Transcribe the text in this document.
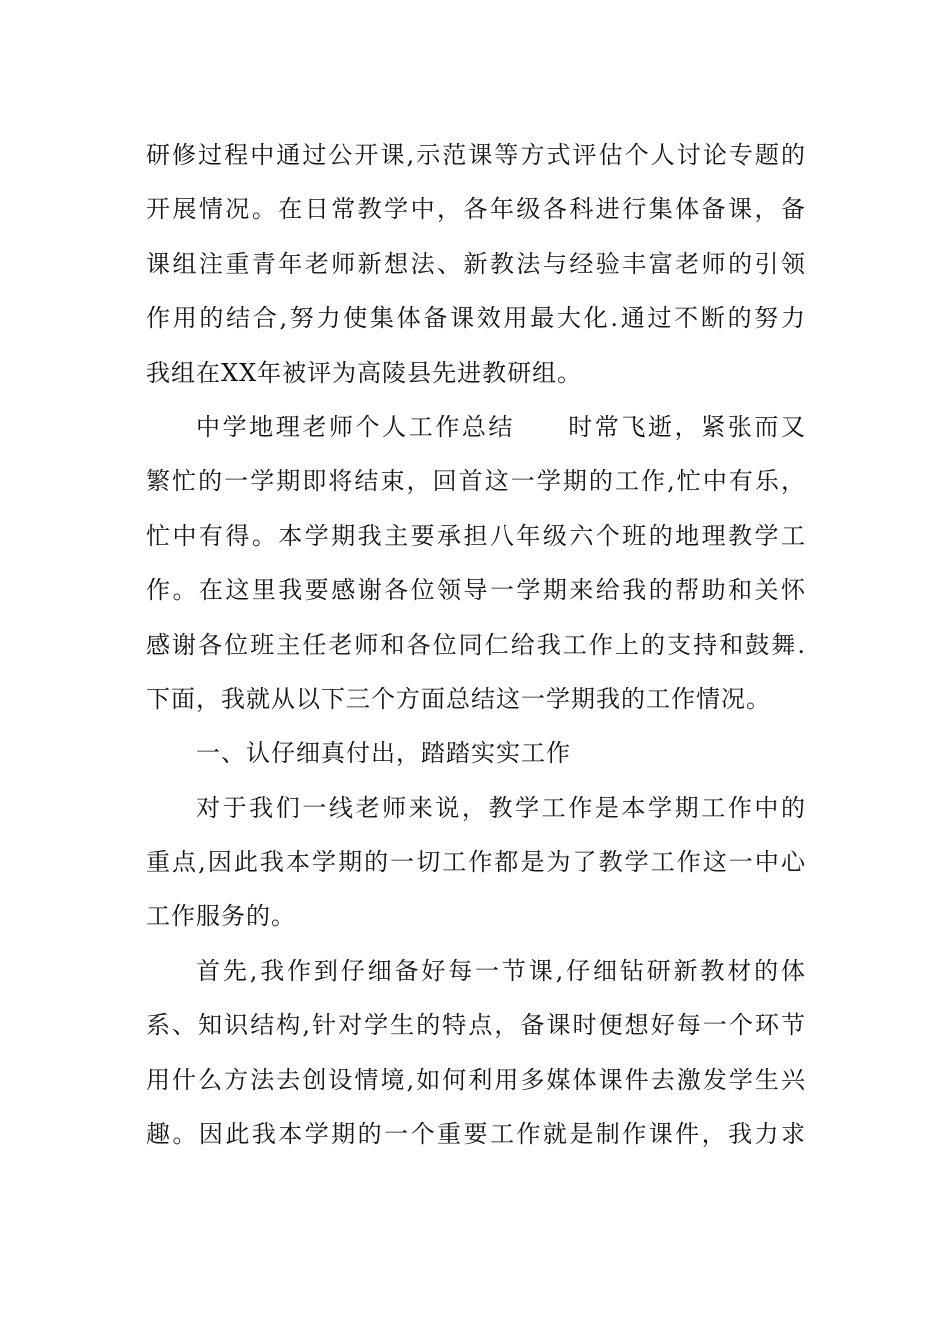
研修过程中通过公开课,示范课等方式评估个人讨论专题的
开展情况。在日常教学中，各年级各科进行集体备课，备
课组注重青年老师新想法、新教法与经验丰富老师的引领
作用的结合,努力使集体备课效用最大化.通过不断的努力
我组在XX年被评为高陵县先进教研组。
中学地理老师个人工作总结　　时常飞逝，紧张而又
繁忙的一学期即将结束，回首这一学期的工作,忙中有乐，
忙中有得。本学期我主要承担八年级六个班的地理教学工
作。在这里我要感谢各位领导一学期来给我的帮助和关怀
感谢各位班主任老师和各位同仁给我工作上的支持和鼓舞.
下面，我就从以下三个方面总结这一学期我的工作情况。
一、认仔细真付出，踏踏实实工作
对于我们一线老师来说，教学工作是本学期工作中的
重点,因此我本学期的一切工作都是为了教学工作这一中心
工作服务的。
首先,我作到仔细备好每一节课,仔细钻研新教材的体
系、知识结构,针对学生的特点，备课时便想好每一个环节
用什么方法去创设情境,如何利用多媒体课件去激发学生兴
趣。因此我本学期的一个重要工作就是制作课件，我力求
